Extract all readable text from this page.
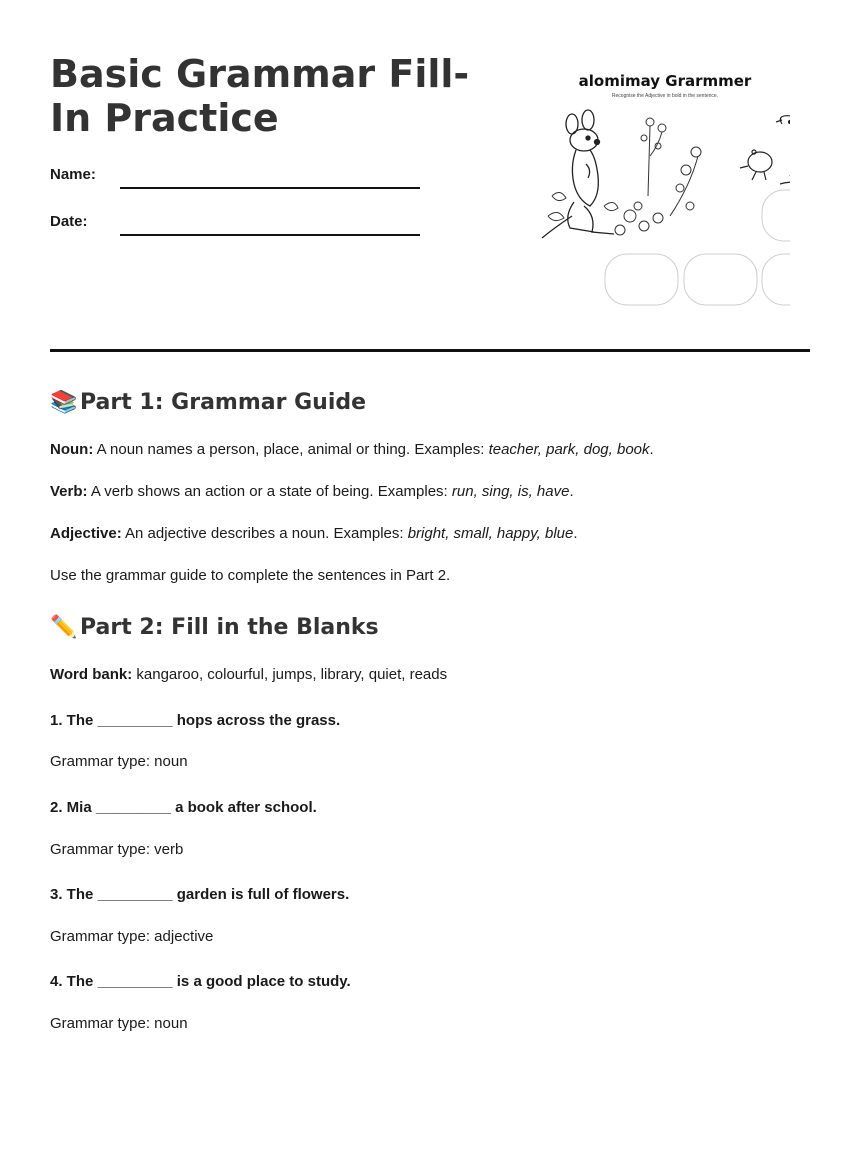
Basic Grammar Fill-In Practice
Name:
Date:
alomimay Grarmmer
Recognise the Adjective in bold in the sentence.
📚 Part 1: Grammar Guide
Noun: A noun names a person, place, animal or thing. Examples: teacher, park, dog, book.
Verb: A verb shows an action or a state of being. Examples: run, sing, is, have.
Adjective: An adjective describes a noun. Examples: bright, small, happy, blue.
Use the grammar guide to complete the sentences in Part 2.
✏️ Part 2: Fill in the Blanks
Word bank: kangaroo, colourful, jumps, library, quiet, reads
1. The _________ hops across the grass.
Grammar type: noun
2. Mia _________ a book after school.
Grammar type: verb
3. The _________ garden is full of flowers.
Grammar type: adjective
4. The _________ is a good place to study.
Grammar type: noun
